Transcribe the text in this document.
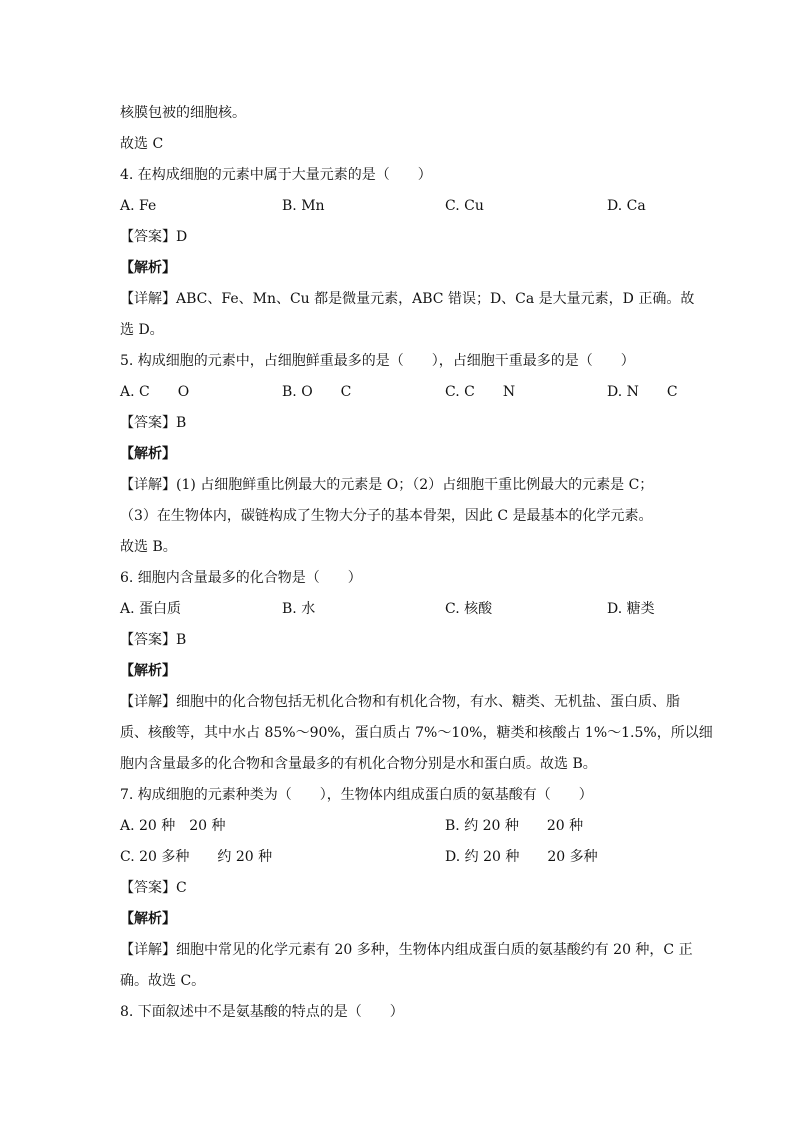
核膜包被的细胞核。
故选 C
4. 在构成细胞的元素中属于大量元素的是（　　）
A. Fe	B. Mn	C. Cu	D. Ca
【答案】D
【解析】
【详解】ABC、Fe、Mn、Cu 都是微量元素，ABC 错误；D、Ca 是大量元素，D 正确。故
选 D。
5. 构成细胞的元素中，占细胞鲜重最多的是（　　），占细胞干重最多的是（　　）
A. C　　O	B. O　　C	C. C　　N	D. N　　C
【答案】B
【解析】
【详解】(1) 占细胞鲜重比例最大的元素是 O；（2）占细胞干重比例最大的元素是 C；
（3）在生物体内，碳链构成了生物大分子的基本骨架，因此 C 是最基本的化学元素。
故选 B。
6. 细胞内含量最多的化合物是（　　）
A. 蛋白质	B. 水	C. 核酸	D. 糖类
【答案】B
【解析】
【详解】细胞中的化合物包括无机化合物和有机化合物，有水、糖类、无机盐、蛋白质、脂
质、核酸等，其中水占 85%～90%，蛋白质占 7%～10%，糖类和核酸占 1%～1.5%，所以细
胞内含量最多的化合物和含量最多的有机化合物分别是水和蛋白质。故选 B。
7. 构成细胞的元素种类为（　　），生物体内组成蛋白质的氨基酸有（　　）
A. 20 种　20 种	B. 约 20 种　　20 种
C. 20 多种　　约 20 种	D. 约 20 种　　20 多种
【答案】C
【解析】
【详解】细胞中常见的化学元素有 20 多种，生物体内组成蛋白质的氨基酸约有 20 种，C 正
确。故选 C。
8. 下面叙述中不是氨基酸的特点的是（　　）
